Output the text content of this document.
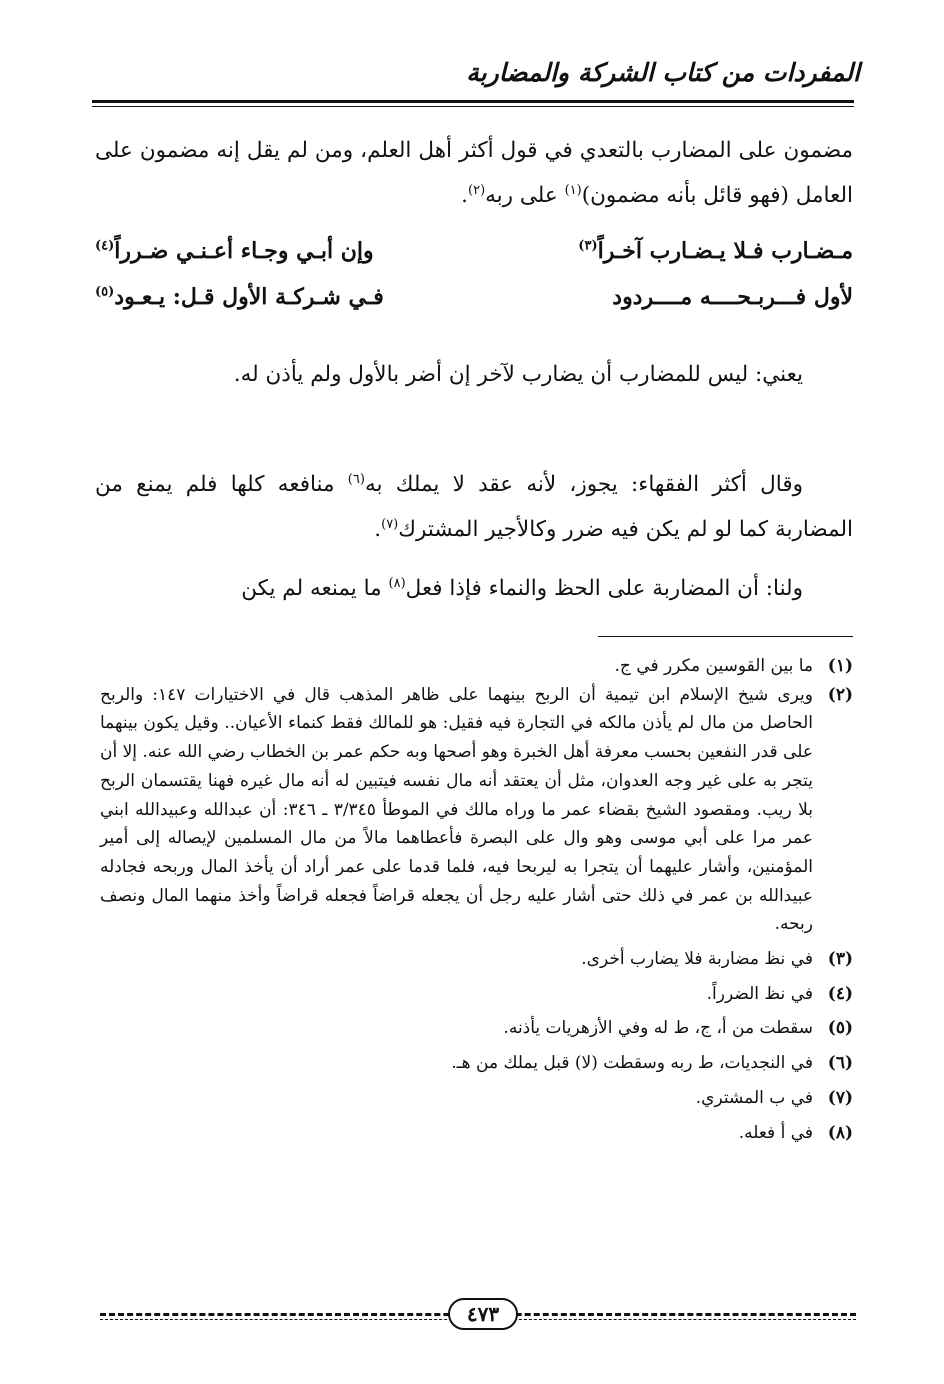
المفردات من كتاب الشركة والمضاربة

مضمون على المضارب بالتعدي في قول أكثر أهل العلم، ومن لم يقل إنه مضمون على العامل (فهو قائل بأنه مضمون)$^{(١)}$ على ربه$^{(٢)}$.

مـضـارب فـلا يـضـارب آخـراً$^{(٣)}$
وإن أبـي وجـاء أعـنـي ضـرراً$^{(٤)}$
لأول فـــربـحــــه مــــردود
فـي شـركـة الأول قـل: يـعـود$^{(٥)}$

يعني: ليس للمضارب أن يضارب لآخر إن أضر بالأول ولم يأذن له.

وقال أكثر الفقهاء: يجوز، لأنه عقد لا يملك به$^{(٦)}$ منافعه كلها فلم يمنع من المضاربة كما لو لم يكن فيه ضرر وكالأجير المشترك$^{(٧)}$.

ولنا: أن المضاربة على الحظ والنماء فإذا فعل$^{(٨)}$ ما يمنعه لم يكن

(١)
ما بين القوسين مكرر في ج.
(٢)
ويرى شيخ الإسلام ابن تيمية أن الربح بينهما على ظاهر المذهب قال في الاختيارات ١٤٧: والربح الحاصل من مال لم يأذن مالكه في التجارة فيه فقيل: هو للمالك فقط كنماء الأعيان.. وقيل يكون بينهما على قدر النفعين بحسب معرفة أهل الخبرة وهو أصحها وبه حكم عمر بن الخطاب رضي الله عنه. إلا أن يتجر به على غير وجه العدوان، مثل أن يعتقد أنه مال نفسه فيتبين له أنه مال غيره فهنا يقتسمان الربح بلا ريب. ومقصود الشيخ بقضاء عمر ما وراه مالك في الموطأ ٣/٣٤٥ ـ ٣٤٦: أن عبدالله وعبيدالله ابني عمر مرا على أبي موسى وهو وال على البصرة فأعطاهما مالاً من مال المسلمين لإيصاله إلى أمير المؤمنين، وأشار عليهما أن يتجرا به ليربحا فيه، فلما قدما على عمر أراد أن يأخذ المال وربحه فجادله عبيدالله بن عمر في ذلك حتى أشار عليه رجل أن يجعله قراضاً فجعله قراضاً وأخذ منهما المال ونصف ربحه.
(٣)
في نظ مضاربة فلا يضارب أخرى.
(٤)
في نظ الضرراً.
(٥)
سقطت من أ، ج، ط له وفي الأزهريات يأذنه.
(٦)
في النجديات، ط ربه وسقطت (لا) قبل يملك من هـ.
(٧)
في ب المشتري.
(٨)
في أ فعله.
٤٧٣
